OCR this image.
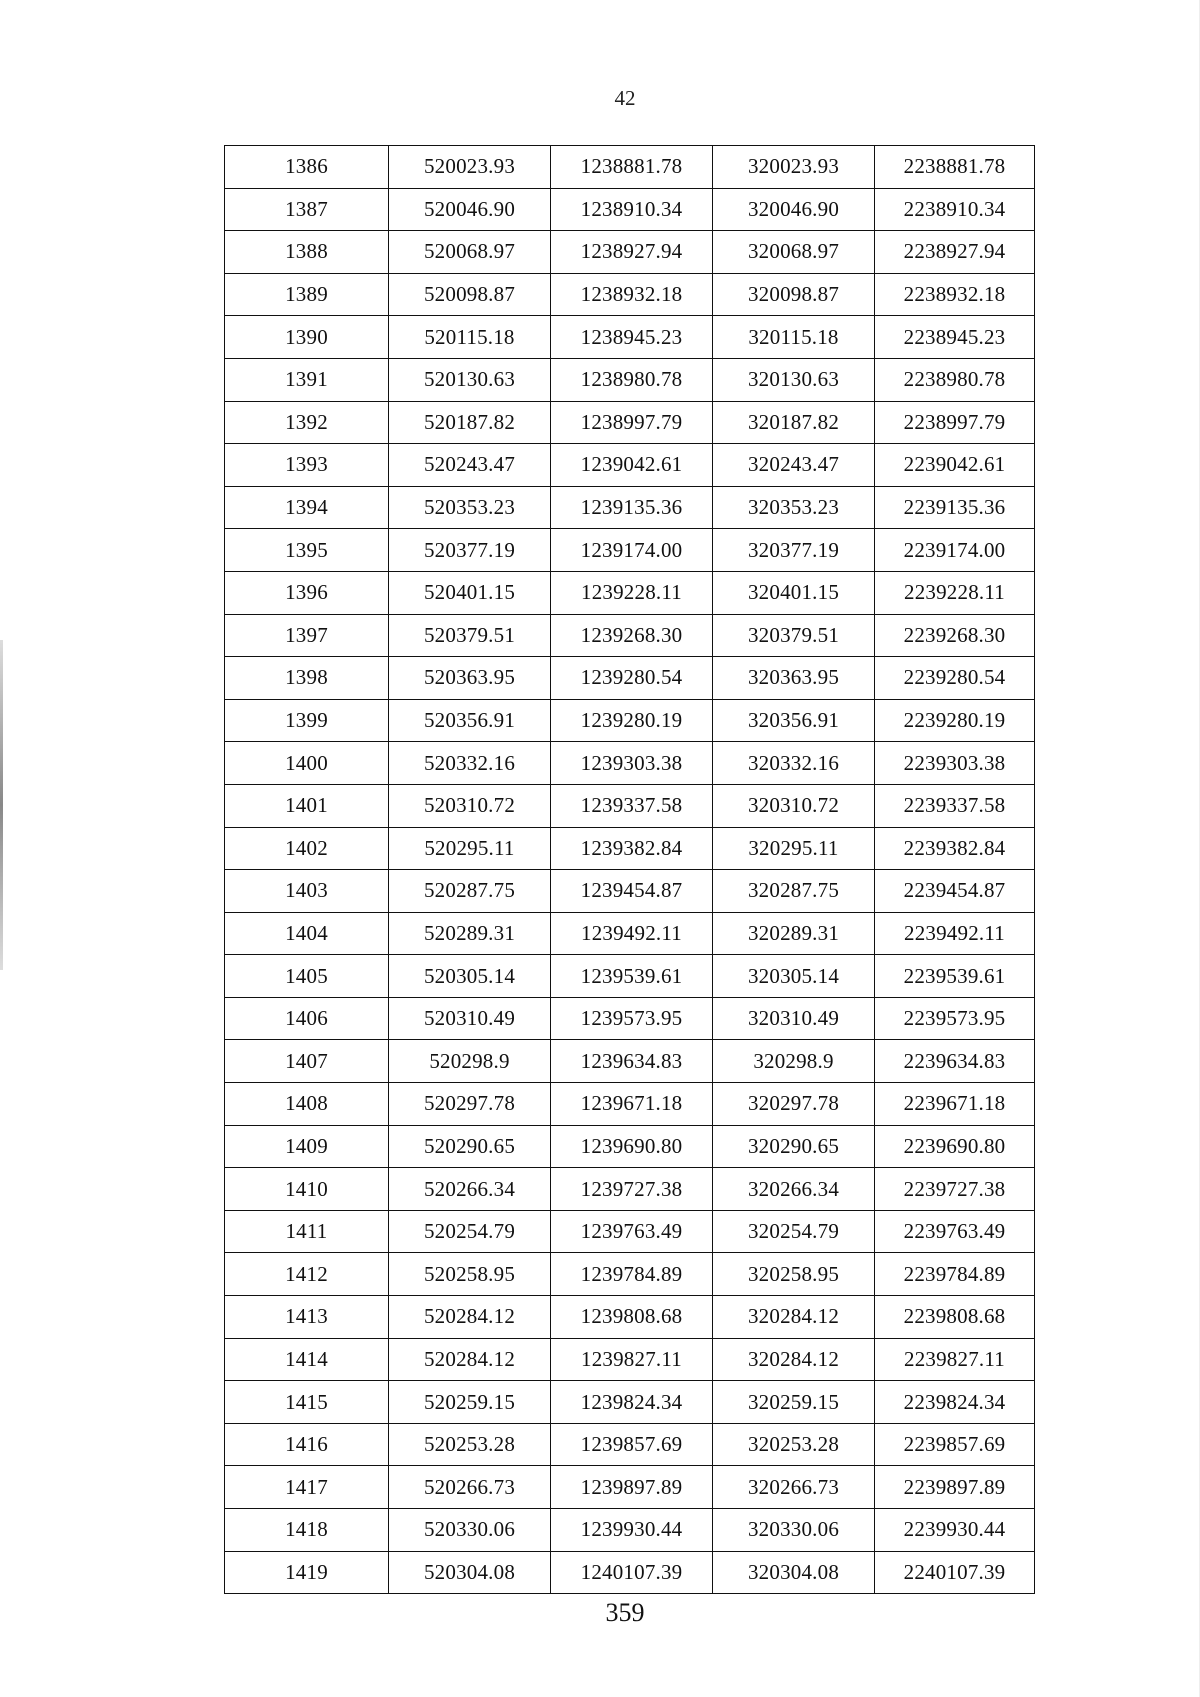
42
1386	520023.93	1238881.78	320023.93	2238881.78
1387	520046.90	1238910.34	320046.90	2238910.34
1388	520068.97	1238927.94	320068.97	2238927.94
1389	520098.87	1238932.18	320098.87	2238932.18
1390	520115.18	1238945.23	320115.18	2238945.23
1391	520130.63	1238980.78	320130.63	2238980.78
1392	520187.82	1238997.79	320187.82	2238997.79
1393	520243.47	1239042.61	320243.47	2239042.61
1394	520353.23	1239135.36	320353.23	2239135.36
1395	520377.19	1239174.00	320377.19	2239174.00
1396	520401.15	1239228.11	320401.15	2239228.11
1397	520379.51	1239268.30	320379.51	2239268.30
1398	520363.95	1239280.54	320363.95	2239280.54
1399	520356.91	1239280.19	320356.91	2239280.19
1400	520332.16	1239303.38	320332.16	2239303.38
1401	520310.72	1239337.58	320310.72	2239337.58
1402	520295.11	1239382.84	320295.11	2239382.84
1403	520287.75	1239454.87	320287.75	2239454.87
1404	520289.31	1239492.11	320289.31	2239492.11
1405	520305.14	1239539.61	320305.14	2239539.61
1406	520310.49	1239573.95	320310.49	2239573.95
1407	520298.9	1239634.83	320298.9	2239634.83
1408	520297.78	1239671.18	320297.78	2239671.18
1409	520290.65	1239690.80	320290.65	2239690.80
1410	520266.34	1239727.38	320266.34	2239727.38
1411	520254.79	1239763.49	320254.79	2239763.49
1412	520258.95	1239784.89	320258.95	2239784.89
1413	520284.12	1239808.68	320284.12	2239808.68
1414	520284.12	1239827.11	320284.12	2239827.11
1415	520259.15	1239824.34	320259.15	2239824.34
1416	520253.28	1239857.69	320253.28	2239857.69
1417	520266.73	1239897.89	320266.73	2239897.89
1418	520330.06	1239930.44	320330.06	2239930.44
1419	520304.08	1240107.39	320304.08	2240107.39
359
